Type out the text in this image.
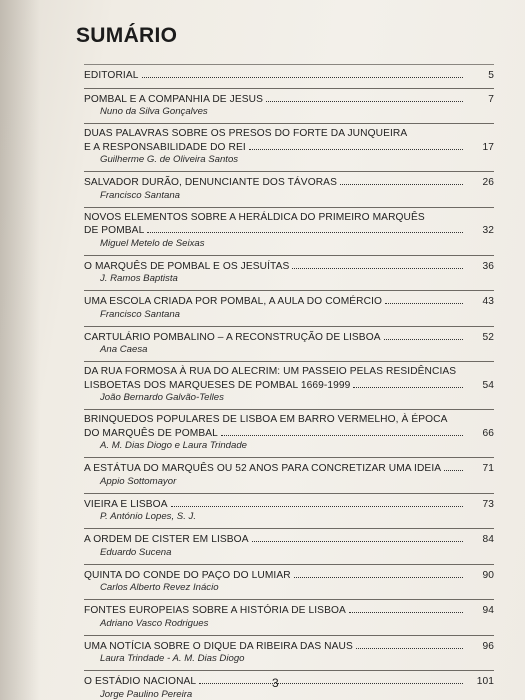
SUMÁRIO
EDITORIAL	5
POMBAL E A COMPANHIA DE JESUS	7
Nuno da Silva Gonçalves
DUAS PALAVRAS SOBRE OS PRESOS DO FORTE DA JUNQUEIRA
E A RESPONSABILIDADE DO REI	17
Guilherme G. de Oliveira Santos
SALVADOR DURÃO, DENUNCIANTE DOS TÁVORAS	26
Francisco Santana
NOVOS ELEMENTOS SOBRE A HERÁLDICA DO PRIMEIRO MARQUÊS
DE POMBAL	32
Miguel Metelo de Seixas
O MARQUÊS DE POMBAL E OS JESUÍTAS	36
J. Ramos Baptista
UMA ESCOLA CRIADA POR POMBAL, A AULA DO COMÉRCIO	43
Francisco Santana
CARTULÁRIO POMBALINO – A RECONSTRUÇÃO DE LISBOA	52
Ana Caesa
DA RUA FORMOSA À RUA DO ALECRIM: UM PASSEIO PELAS RESIDÊNCIAS
LISBOETAS DOS MARQUESES DE POMBAL 1669-1999	54
João Bernardo Galvão-Telles
BRINQUEDOS POPULARES DE LISBOA EM BARRO VERMELHO, À ÉPOCA
DO MARQUÊS DE POMBAL	66
A. M. Dias Diogo e Laura Trindade
A ESTÁTUA DO MARQUÊS OU 52 ANOS PARA CONCRETIZAR UMA IDEIA	71
Appio Sottomayor
VIEIRA E LISBOA	73
P. António Lopes, S. J.
A ORDEM DE CISTER EM LISBOA	84
Eduardo Sucena
QUINTA DO CONDE DO PAÇO DO LUMIAR	90
Carlos Alberto Revez Inácio
FONTES EUROPEIAS SOBRE A HISTÓRIA DE LISBOA	94
Adriano Vasco Rodrigues
UMA NOTÍCIA SOBRE O DIQUE DA RIBEIRA DAS NAUS	96
Laura Trindade - A. M. Dias Diogo
O ESTÁDIO NACIONAL	101
Jorge Paulino Pereira
3
